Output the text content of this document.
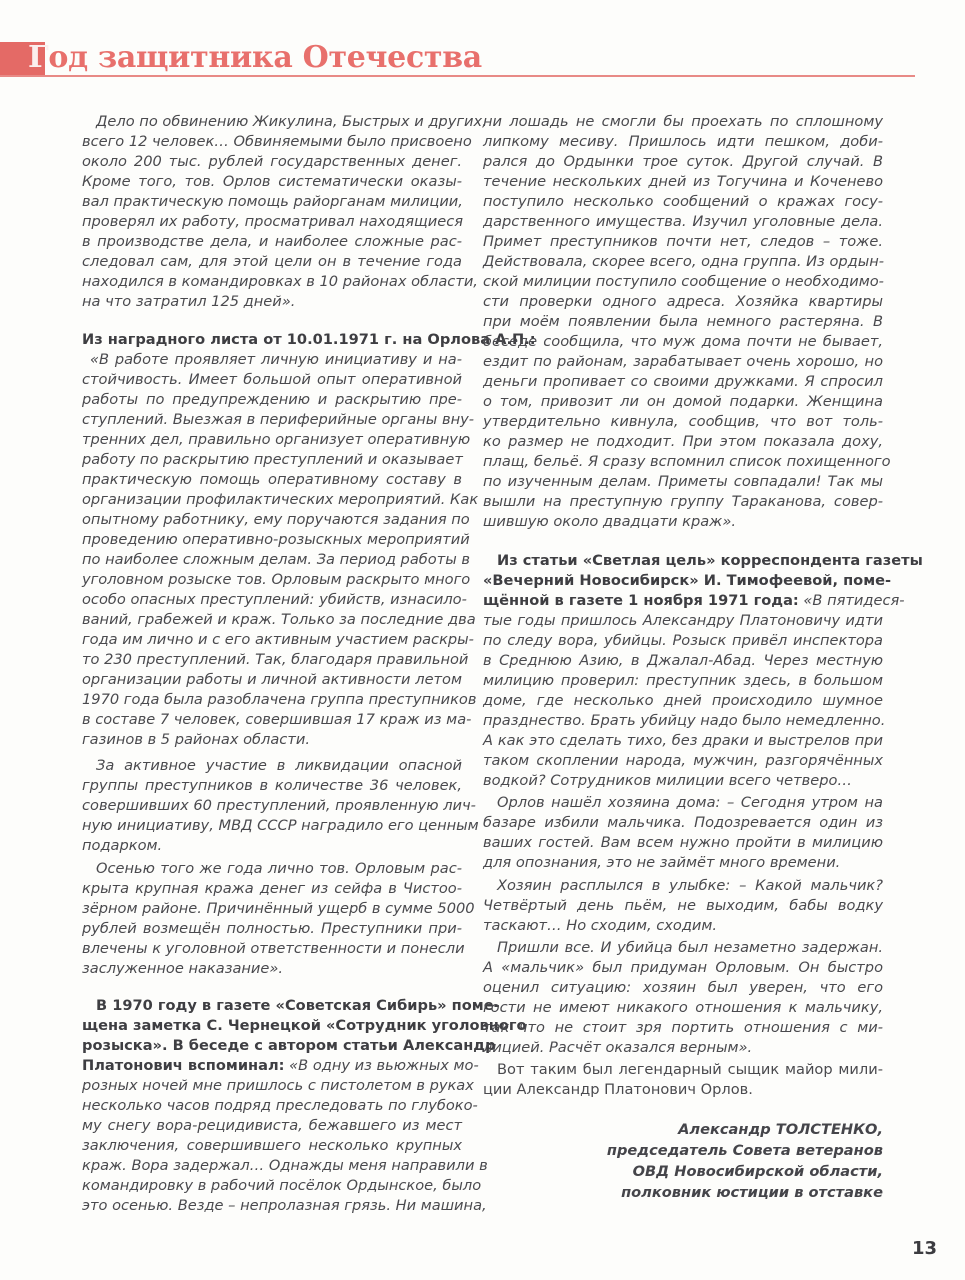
Год защитника Отечества
Дело по обвинению Жикулина, Быстрых и других,
всего 12 человек… Обвиняемыми было присвоено
около 200 тыс. рублей государственных денег.
Кроме того, тов. Орлов систематически оказы-
вал практическую помощь райорганам милиции,
проверял их работу, просматривал находящиеся
в производстве дела, и наиболее сложные рас-
следовал сам, для этой цели он в течение года
находился в командировках в 10 районах области,
на что затратил 125 дней».
Из наградного листа от 10.01.1971 г. на Орлова А.П.:
«В работе проявляет личную инициативу и на-
стойчивость. Имеет большой опыт оперативной
работы по предупреждению и раскрытию пре-
ступлений. Выезжая в периферийные органы вну-
тренних дел, правильно организует оперативную
работу по раскрытию преступлений и оказывает
практическую помощь оперативному составу в
организации профилактических мероприятий. Как
опытному работнику, ему поручаются задания по
проведению оперативно-розыскных мероприятий
по наиболее сложным делам. За период работы в
уголовном розыске тов. Орловым раскрыто много
особо опасных преступлений: убийств, изнасило-
ваний, грабежей и краж. Только за последние два
года им лично и с его активным участием раскры-
то 230 преступлений. Так, благодаря правильной
организации работы и личной активности летом
1970 года была разоблачена группа преступников
в составе 7 человек, совершившая 17 краж из ма-
газинов в 5 районах области.
За активное участие в ликвидации опасной
группы преступников в количестве 36 человек,
совершивших 60 преступлений, проявленную лич-
ную инициативу, МВД СССР наградило его ценным
подарком.
Осенью того же года лично тов. Орловым рас-
крыта крупная кража денег из сейфа в Чистоо-
зёрном районе. Причинённый ущерб в сумме 5000
рублей возмещён полностью. Преступники при-
влечены к уголовной ответственности и понесли
заслуженное наказание».
В 1970 году в газете «Советская Сибирь» поме-
щена заметка С. Чернецкой «Сотрудник уголовного
розыска». В беседе с автором статьи Александр
Платонович вспоминал: «В одну из вьюжных мо-
розных ночей мне пришлось с пистолетом в руках
несколько часов подряд преследовать по глубоко-
му снегу вора-рецидивиста, бежавшего из мест
заключения, совершившего несколько крупных
краж. Вора задержал… Однажды меня направили в
командировку в рабочий посёлок Ордынское, было
это осенью. Везде – непролазная грязь. Ни машина,
ни лошадь не смогли бы проехать по сплошному
липкому месиву. Пришлось идти пешком, доби-
рался до Ордынки трое суток. Другой случай. В
течение нескольких дней из Тогучина и Коченево
поступило несколько сообщений о кражах госу-
дарственного имущества. Изучил уголовные дела.
Примет преступников почти нет, следов – тоже.
Действовала, скорее всего, одна группа. Из ордын-
ской милиции поступило сообщение о необходимо-
сти проверки одного адреса. Хозяйка квартиры
при моём появлении была немного растеряна. В
беседе сообщила, что муж дома почти не бывает,
ездит по районам, зарабатывает очень хорошо, но
деньги пропивает со своими дружками. Я спросил
о том, привозит ли он домой подарки. Женщина
утвердительно кивнула, сообщив, что вот толь-
ко размер не подходит. При этом показала доху,
плащ, бельё. Я сразу вспомнил список похищенного
по изученным делам. Приметы совпадали! Так мы
вышли на преступную группу Тараканова, совер-
шившую около двадцати краж».
Из статьи «Светлая цель» корреспондента газеты
«Вечерний Новосибирск» И. Тимофеевой, поме-
щённой в газете 1 ноября 1971 года: «В пятидеся-
тые годы пришлось Александру Платоновичу идти
по следу вора, убийцы. Розыск привёл инспектора
в Среднюю Азию, в Джалал-Абад. Через местную
милицию проверил: преступник здесь, в большом
доме, где несколько дней происходило шумное
празднество. Брать убийцу надо было немедленно.
А как это сделать тихо, без драки и выстрелов при
таком скоплении народа, мужчин, разгорячённых
водкой? Сотрудников милиции всего четверо…
Орлов нашёл хозяина дома: – Сегодня утром на
базаре избили мальчика. Подозревается один из
ваших гостей. Вам всем нужно пройти в милицию
для опознания, это не займёт много времени.
Хозяин расплылся в улыбке: – Какой мальчик?
Четвёртый день пьём, не выходим, бабы водку
таскают… Но сходим, сходим.
Пришли все. И убийца был незаметно задержан.
А «мальчик» был придуман Орловым. Он быстро
оценил ситуацию: хозяин был уверен, что его
гости не имеют никакого отношения к мальчику,
так что не стоит зря портить отношения с ми-
лицией. Расчёт оказался верным».
Вот таким был легендарный сыщик майор мили-
ции Александр Платонович Орлов.
Александр ТОЛСТЕНКО,
председатель Совета ветеранов
ОВД Новосибирской области,
полковник юстиции в отставке
13
